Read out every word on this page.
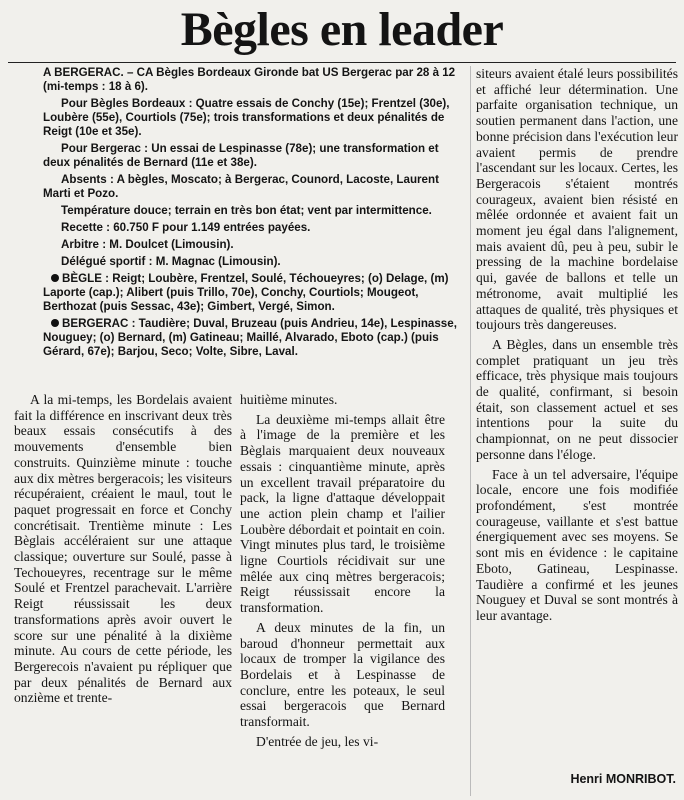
Bègles en leader

A BERGERAC. – CA Bègles Bordeaux Gironde bat US Bergerac par 28 à 12 (mi-temps : 18 à 6).

Pour Bègles Bordeaux : Quatre essais de Conchy (15e); Frentzel (30e), Loubère (55e), Courtiols (75e); trois transformations et deux pénalités de Reigt (10e et 35e).

Pour Bergerac : Un essai de Lespinasse (78e); une transformation et deux pénalités de Bernard (11e et 38e).

Absents : A bègles, Moscato; à Bergerac, Counord, Lacoste, Laurent Marti et Pozo.

Température douce; terrain en très bon état; vent par intermittence.

Recette : 60.750 F pour 1.149 entrées payées.

Arbitre : M. Doulcet (Limousin).

Délégué sportif : M. Magnac (Limousin).

BÈGLE : Reigt; Loubère, Frentzel, Soulé, Téchoueyres; (o) Delage, (m) Laporte (cap.); Alibert (puis Trillo, 70e), Conchy, Courtiols; Mougeot, Berthozat (puis Sessac, 43e); Gimbert, Vergé, Simon.

BERGERAC : Taudière; Duval, Bruzeau (puis Andrieu, 14e), Lespinasse, Nouguey; (o) Bernard, (m) Gatineau; Maillé, Alvarado, Eboto (cap.) (puis Gérard, 67e); Barjou, Seco; Volte, Sibre, Laval.

A la mi-temps, les Bordelais avaient fait la différence en inscrivant deux très beaux essais consécutifs à des mouvements d'ensemble bien construits. Quinzième minute : touche aux dix mètres bergeracois; les visiteurs récupéraient, créaient le maul, tout le paquet progressait en force et Conchy concrétisait. Trentième minute : Les Bèglais accéléraient sur une attaque classique; ouverture sur Soulé, passe à Techoueyres, recentrage sur le même Soulé et Frentzel parachevait. L'arrière Reigt réussissait les deux transformations après avoir ouvert le score sur une pénalité à la dixième minute. Au cours de cette période, les Bergerecois n'avaient pu répliquer que par deux pénalités de Bernard aux onzième et trente-

huitième minutes.

La deuxième mi-temps allait être à l'image de la première et les Bèglais marquaient deux nouveaux essais : cinquantième minute, après un excellent travail préparatoire du pack, la ligne d'attaque développait une action plein champ et l'ailier Loubère débordait et pointait en coin. Vingt minutes plus tard, le troisième ligne Courtiols récidivait sur une mêlée aux cinq mètres bergeracois; Reigt réussissait encore la transformation.

A deux minutes de la fin, un baroud d'honneur permettait aux locaux de tromper la vigilance des Bordelais et à Lespinasse de conclure, entre les poteaux, le seul essai bergeracois que Bernard transformait.

D'entrée de jeu, les vi-

siteurs avaient étalé leurs possibilités et affiché leur détermination. Une parfaite organisation technique, un soutien permanent dans l'action, une bonne précision dans l'exécution leur avaient permis de prendre l'ascendant sur les locaux. Certes, les Bergeracois s'étaient montrés courageux, avaient bien résisté en mêlée ordonnée et avaient fait un moment jeu égal dans l'alignement, mais avaient dû, peu à peu, subir le pressing de la machine bordelaise qui, gavée de ballons et telle un métronome, avait multiplié les attaques de qualité, très physiques et toujours très dangereuses.

A Bègles, dans un ensemble très complet pratiquant un jeu très efficace, très physique mais toujours de qualité, confirmant, si besoin était, son classement actuel et ses intentions pour la suite du championnat, on ne peut dissocier personne dans l'éloge.

Face à un tel adversaire, l'équipe locale, encore une fois modifiée profondément, s'est montrée courageuse, vaillante et s'est battue énergiquement avec ses moyens. Se sont mis en évidence : le capitaine Eboto, Gatineau, Lespinasse. Taudière a confirmé et les jeunes Nouguey et Duval se sont montrés à leur avantage.

Henri MONRIBOT.
